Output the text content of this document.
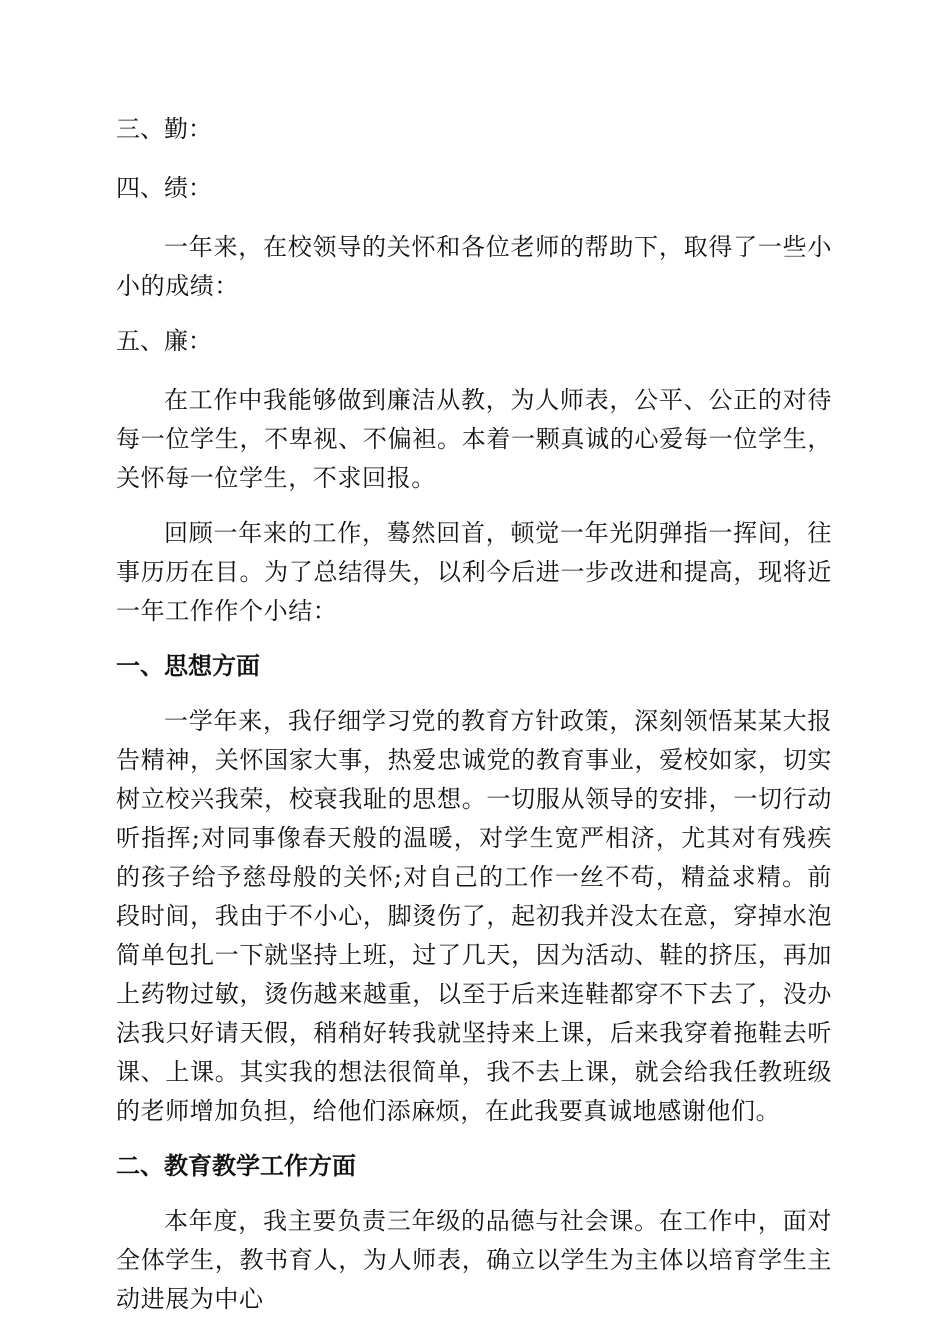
三、勤：

四、绩：

一年来，在校领导的关怀和各位老师的帮助下，取得了一些小小的成绩：

五、廉：

在工作中我能够做到廉洁从教，为人师表，公平、公正的对待每一位学生，不卑视、不偏袒。本着一颗真诚的心爱每一位学生，关怀每一位学生，不求回报。

回顾一年来的工作，蓦然回首，顿觉一年光阴弹指一挥间，往事历历在目。为了总结得失，以利今后进一步改进和提高，现将近一年工作作个小结：

一、思想方面

一学年来，我仔细学习党的教育方针政策，深刻领悟某某大报告精神，关怀国家大事，热爱忠诚党的教育事业，爱校如家，切实树立校兴我荣，校衰我耻的思想。一切服从领导的安排，一切行动听指挥;对同事像春天般的温暖，对学生宽严相济，尤其对有残疾的孩子给予慈母般的关怀;对自己的工作一丝不苟，精益求精。前段时间，我由于不小心，脚烫伤了，起初我并没太在意，穿掉水泡简单包扎一下就坚持上班，过了几天，因为活动、鞋的挤压，再加上药物过敏，烫伤越来越重，以至于后来连鞋都穿不下去了，没办法我只好请天假，稍稍好转我就坚持来上课，后来我穿着拖鞋去听课、上课。其实我的想法很简单，我不去上课，就会给我任教班级的老师增加负担，给他们添麻烦，在此我要真诚地感谢他们。

二、教育教学工作方面

本年度，我主要负责三年级的品德与社会课。在工作中，面对全体学生，教书育人，为人师表，确立以学生为主体以培育学生主动进展为中心
